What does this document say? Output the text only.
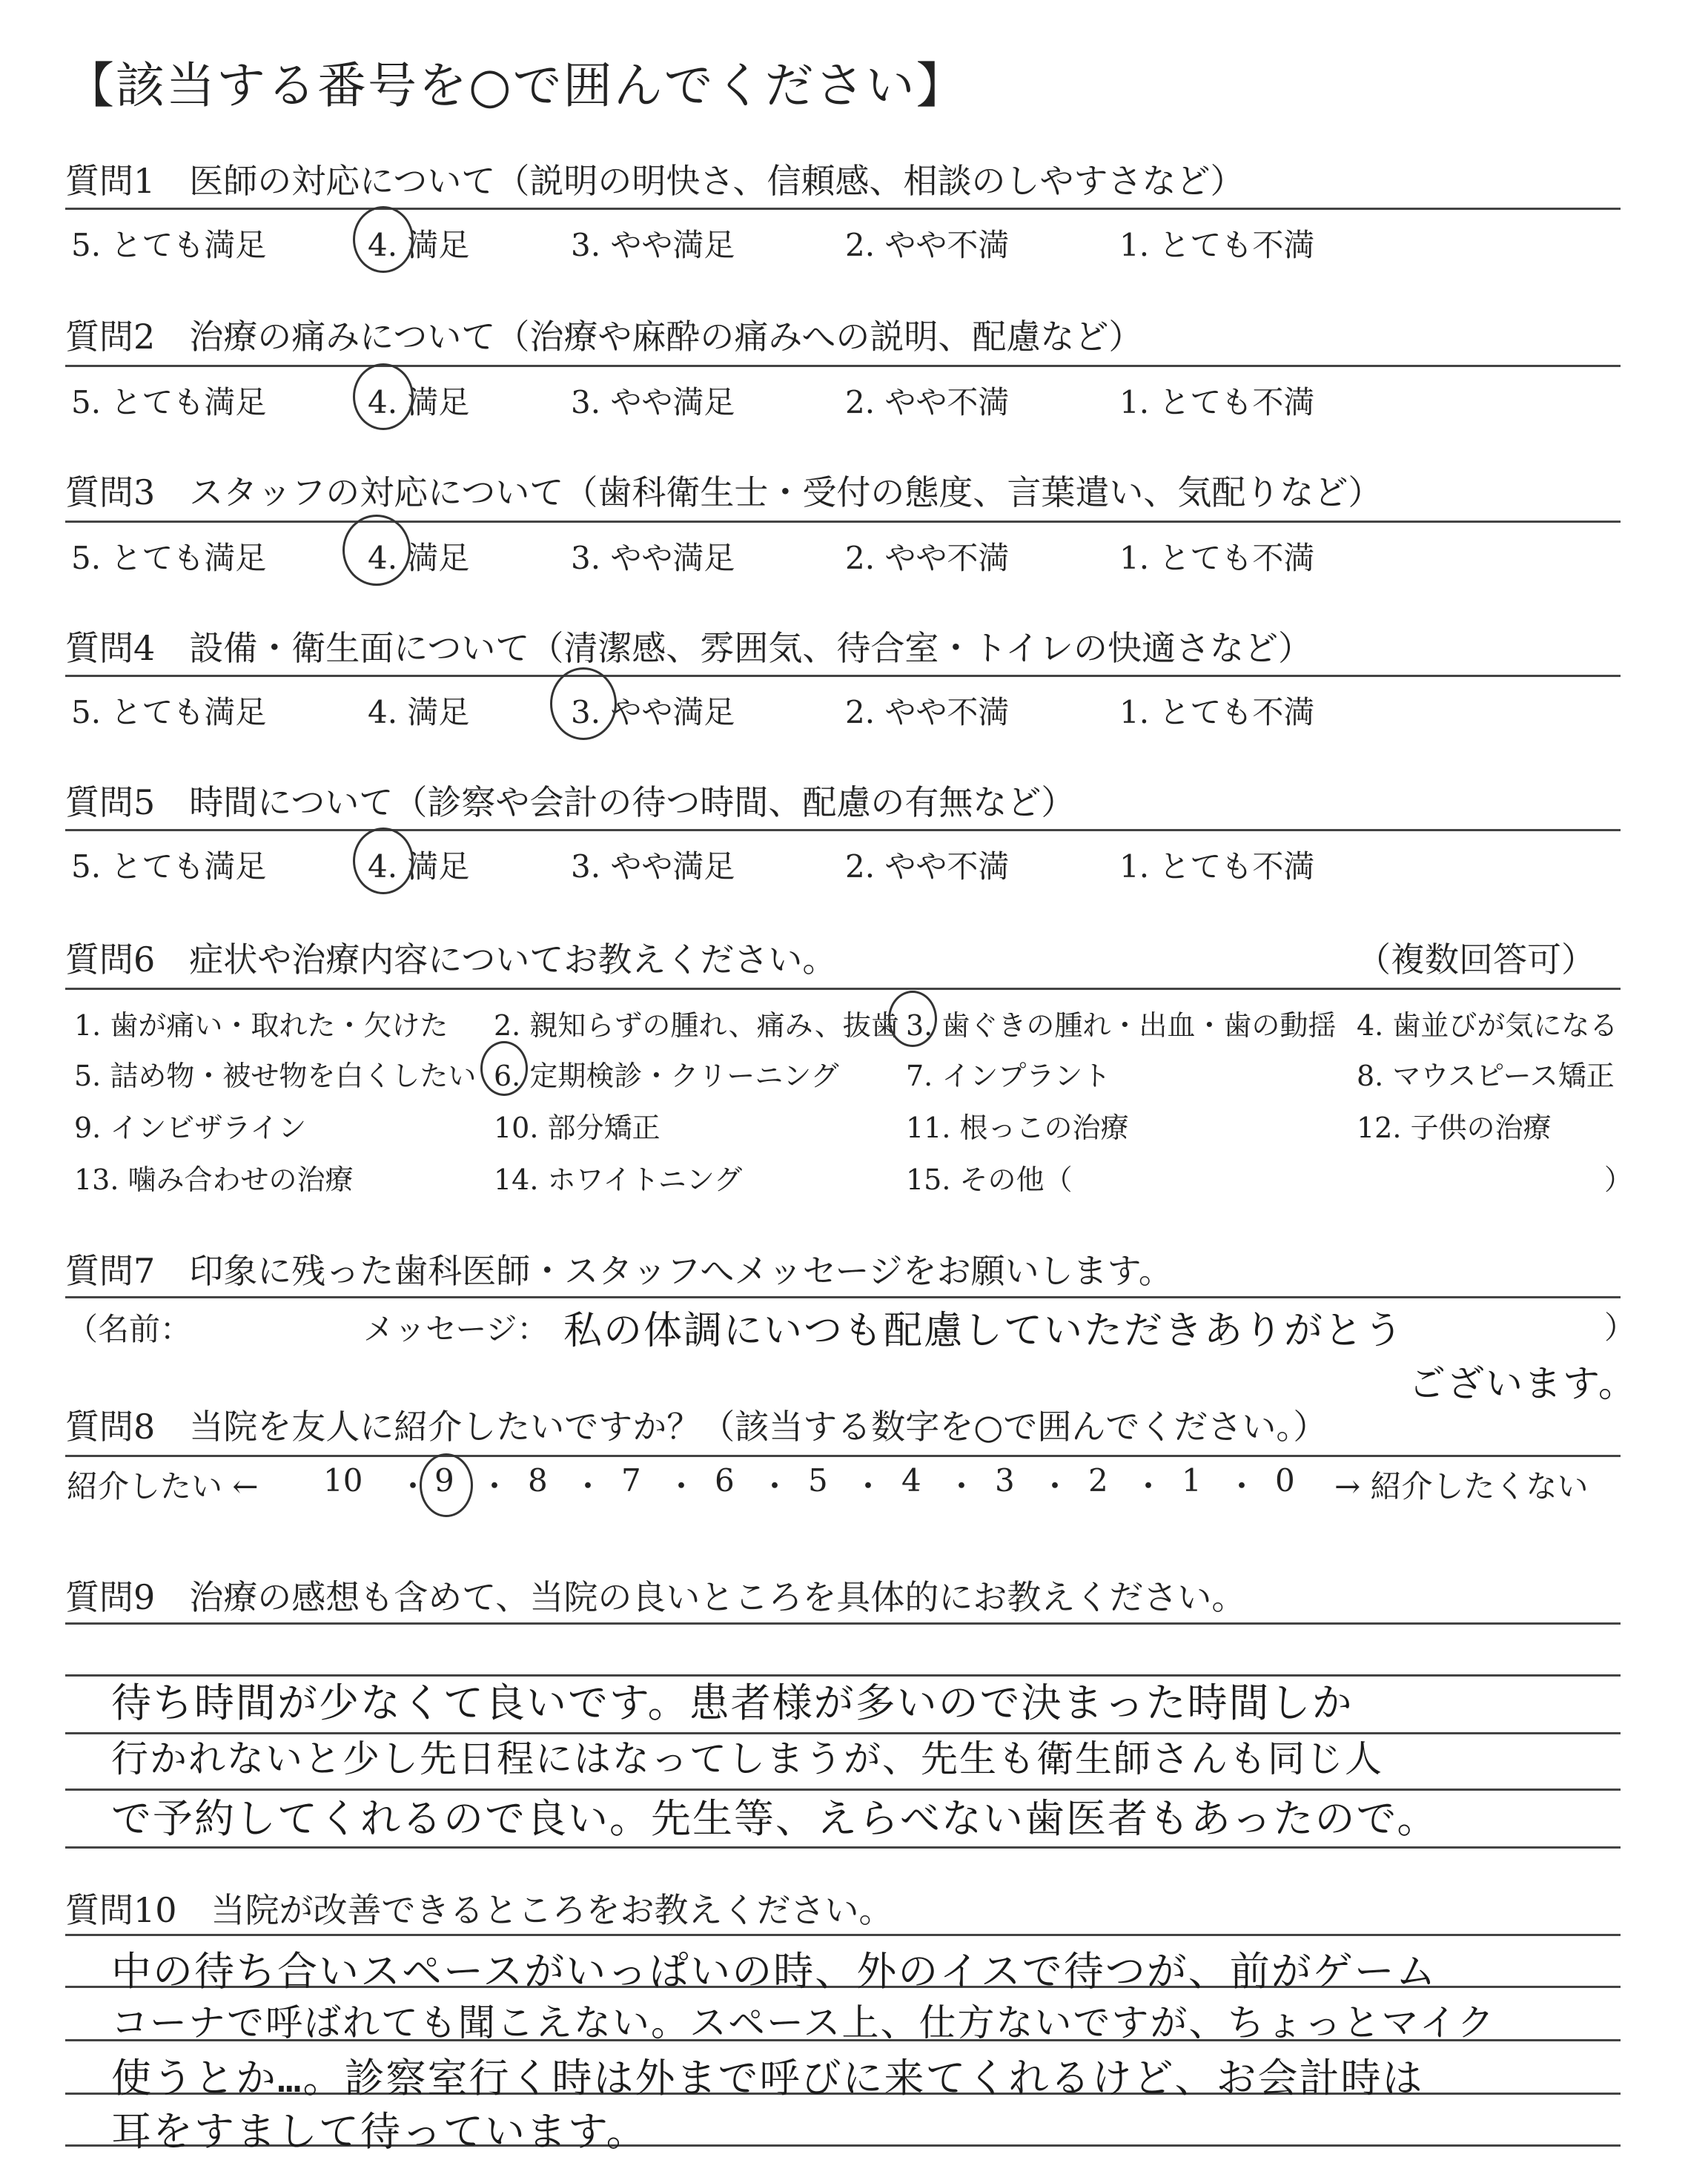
【該当する番号を○で囲んでください】
質問1　医師の対応について（説明の明快さ、信頼感、相談のしやすさなど）
5. とても満足	4. 満足	3. やや満足	2. やや不満	1. とても不満
質問2　治療の痛みについて（治療や麻酔の痛みへの説明、配慮など）
5. とても満足	4. 満足	3. やや満足	2. やや不満	1. とても不満
質問3　スタッフの対応について（歯科衛生士・受付の態度、言葉遣い、気配りなど）
5. とても満足	4. 満足	3. やや満足	2. やや不満	1. とても不満
質問4　設備・衛生面について（清潔感、雰囲気、待合室・トイレの快適さなど）
5. とても満足	4. 満足	3. やや満足	2. やや不満	1. とても不満
質問5　時間について（診察や会計の待つ時間、配慮の有無など）
5. とても満足	4. 満足	3. やや満足	2. やや不満	1. とても不満
質問6　症状や治療内容についてお教えください。	（複数回答可）
1. 歯が痛い・取れた・欠けた 2. 親知らずの腫れ、痛み、抜歯 3. 歯ぐきの腫れ・出血・歯の動揺 4. 歯並びが気になる
5. 詰め物・被せ物を白くしたい 6. 定期検診・クリーニング 7. インプラント	8. マウスピース矯正
9. インビザライン	10. 部分矯正	11. 根っこの治療	12. 子供の治療
13. 噛み合わせの治療	14. ホワイトニング	15. その他（	）
質問7　印象に残った歯科医師・スタッフへメッセージをお願いします。
（名前：	メッセージ： 私の体調にいつも配慮していただきありがとう	）
ございます。
質問8　当院を友人に紹介したいですか？（該当する数字を○で囲んでください。）
紹介したい ← 10 ・ 9 ・ 8 ・ 7 ・ 6 ・ 5 ・ 4 ・ 3 ・ 2 ・ 1 ・ 0 → 紹介したくない
質問9　治療の感想も含めて、当院の良いところを具体的にお教えください。
待ち時間が少なくて良いです。患者様が多いので決まった時間しか
行かれないと少し先日程にはなってしまうが、先生も衛生師さんも同じ人
で予約してくれるので良い。先生等、えらべない歯医者もあったので。
質問10　当院が改善できるところをお教えください。
中の待ち合いスペースがいっぱいの時、外のイスで待つが、前がゲーム
コーナで呼ばれても聞こえない。スペース上、仕方ないですが、ちょっとマイク
使うとか…。診察室行く時は外まで呼びに来てくれるけど、お会計時は
耳をすまして待っています。
